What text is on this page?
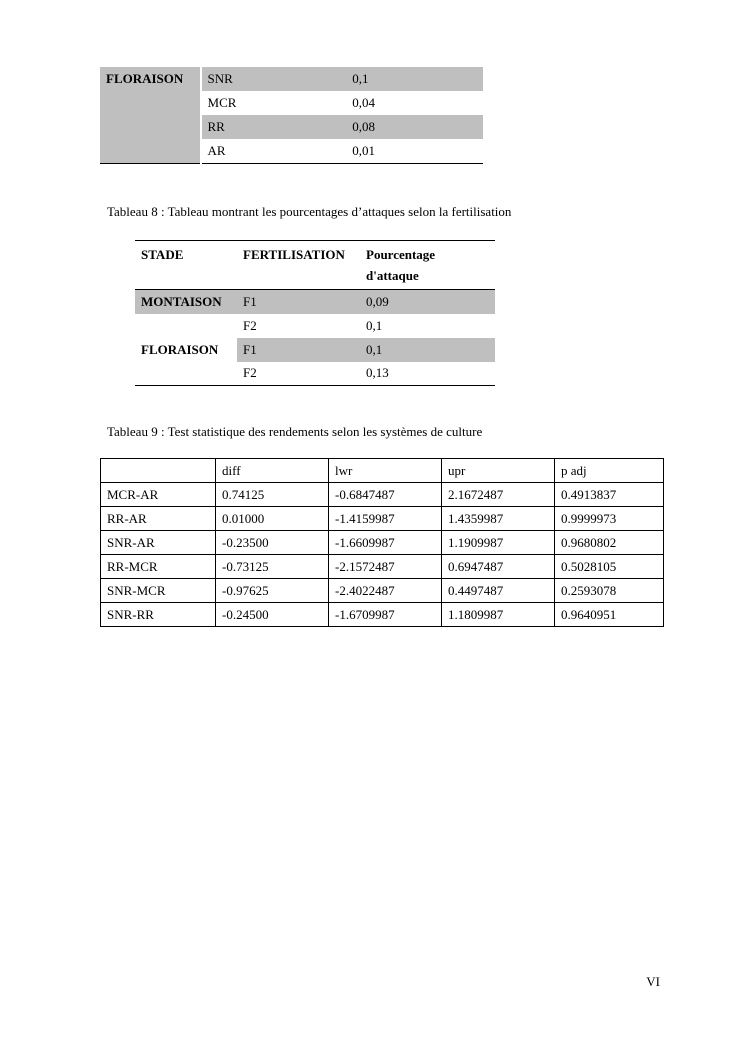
FLORAISON	SNR	0,1
	MCR	0,04
	RR	0,08
	AR	0,01

Tableau 8 : Tableau montrant les pourcentages d’attaques selon la fertilisation

STADE	FERTILISATION	Pourcentage d'attaque
MONTAISON	F1	0,09
	F2	0,1
FLORAISON	F1	0,1
	F2	0,13

Tableau 9 : Test statistique des rendements selon les systèmes de culture

	diff	lwr	upr	p adj
MCR-AR	0.74125	-0.6847487	2.1672487	0.4913837
RR-AR	0.01000	-1.4159987	1.4359987	0.9999973
SNR-AR	-0.23500	-1.6609987	1.1909987	0.9680802
RR-MCR	-0.73125	-2.1572487	0.6947487	0.5028105
SNR-MCR	-0.97625	-2.4022487	0.4497487	0.2593078
SNR-RR	-0.24500	-1.6709987	1.1809987	0.9640951
VI
